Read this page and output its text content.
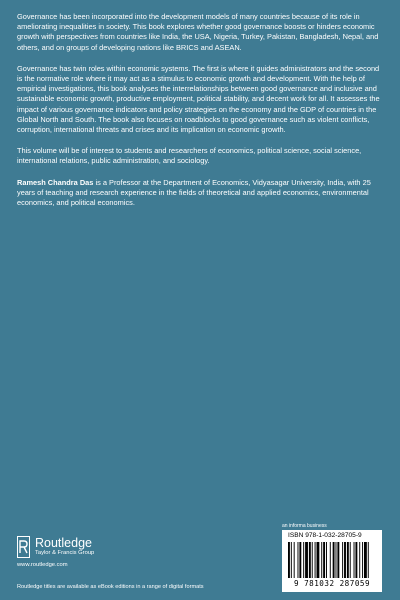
Governance has been incorporated into the development models of many countries because of its role in ameliorating inequalities in society. This book explores whether good governance boosts or hinders economic growth with perspectives from countries like India, the USA, Nigeria, Turkey, Pakistan, Bangladesh, Nepal, and others, and on groups of developing nations like BRICS and ASEAN.

Governance has twin roles within economic systems. The first is where it guides administrators and the second is the normative role where it may act as a stimulus to economic growth and development. With the help of empirical investigations, this book analyses the interrelationships between good governance and inclusive and sustainable economic growth, productive employment, political stability, and decent work for all. It assesses the impact of various governance indicators and policy strategies on the economy and the GDP of countries in the Global North and South. The book also focuses on roadblocks to good governance such as violent conflicts, corruption, international threats and crises and its implication on economic growth.

This volume will be of interest to students and researchers of economics, political science, social science, international relations, public administration, and sociology.

Ramesh Chandra Das is a Professor at the Department of Economics, Vidyasagar University, India, with 25 years of teaching and research experience in the fields of theoretical and applied economics, environmental economics, and political economics.

Routledge
Taylor & Francis Group
www.routledge.com
Routledge titles are available as eBook editions in a range of digital formats
an informa business
ISBN 978-1-032-28705-9
9 781032 287059
